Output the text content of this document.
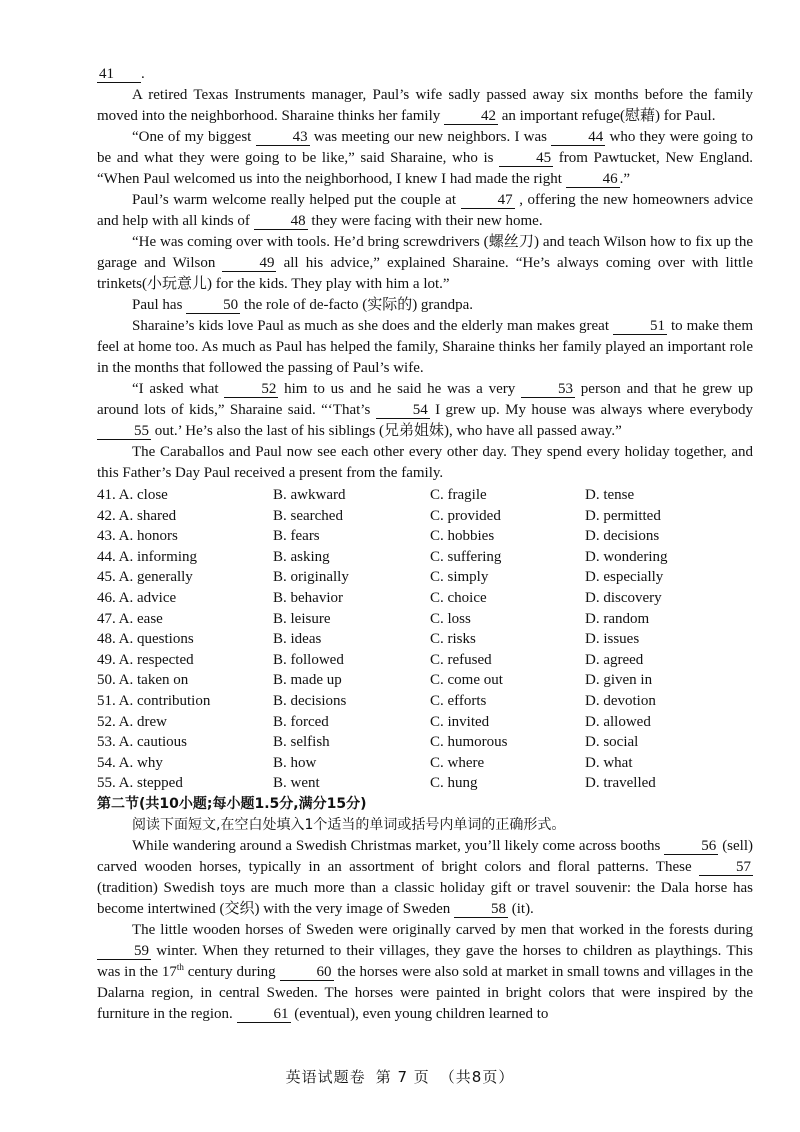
41 .

A retired Texas Instruments manager, Paul’s wife sadly passed away six months before the family moved into the neighborhood. Sharaine thinks her family	42 an important refuge(慰藉) for Paul.

“One of my biggest	43 was meeting our new neighbors. I was	44 who they were going to be and what they were going to be like,” said Sharaine, who is	45 from Pawtucket, New England. “When Paul welcomed us into the neighborhood, I knew I had made the right	46 .”

Paul’s warm welcome really helped put the couple at	47 , offering the new homeowners advice and help with all kinds of	48 they were facing with their new home.

“He was coming over with tools. He’d bring screwdrivers (螺丝刀) and teach Wilson how to fix up the garage and Wilson	49 all his advice,” explained Sharaine. “He’s always coming over with little trinkets(小玩意儿) for the kids. They play with him a lot.”

Paul has	50 the role of de-facto (实际的) grandpa.

Sharaine’s kids love Paul as much as she does and the elderly man makes great	51 to make them feel at home too. As much as Paul has helped the family, Sharaine thinks her family played an important role in the months that followed the passing of Paul’s wife.

“I asked what	52 him to us and he said he was a very	53 person and that he grew up around lots of kids,” Sharaine said. “‘That’s	54 I grew up. My house was always where everybody 55 out.’ He’s also the last of his siblings (兄弟姐妹), who have all passed away.”

The Caraballos and Paul now see each other every other day. They spend every holiday together, and this Father’s Day Paul received a present from the family.

41. A. close	B. awkward	C. fragile	D. tense
42. A. shared	B. searched	C. provided	D. permitted
43. A. honors	B. fears	C. hobbies	D. decisions
44. A. informing	B. asking	C. suffering	D. wondering
45. A. generally	B. originally	C. simply	D. especially
46. A. advice	B. behavior	C. choice	D. discovery
47. A. ease	B. leisure	C. loss	D. random
48. A. questions	B. ideas	C. risks	D. issues
49. A. respected	B. followed	C. refused	D. agreed
50. A. taken on	B. made up	C. come out	D. given in
51. A. contribution	B. decisions	C. efforts	D. devotion
52. A. drew	B. forced	C. invited	D. allowed
53. A. cautious	B. selfish	C. humorous	D. social
54. A. why	B. how	C. where	D. what
55. A. stepped	B. went	C. hung	D. travelled

第二节(共10小题;每小题1.5分,满分15分)

阅读下面短文,在空白处填入1个适当的单词或括号内单词的正确形式。

While wandering around a Swedish Christmas market, you’ll likely come across booths	56 (sell) carved wooden horses, typically in an assortment of bright colors and floral patterns. These	57 (tradition) Swedish toys are much more than a classic holiday gift or travel souvenir: the Dala horse has become intertwined (交织) with the very image of Sweden	58 (it).

The little wooden horses of Sweden were originally carved by men that worked in the forests during 59 winter. When they returned to their villages, they gave the horses to children as playthings. This was in the 17th century during	60 the horses were also sold at market in small towns and villages in the Dalarna region, in central Sweden. The horses were painted in bright colors that were inspired by the furniture in the region.	61 (eventual), even young children learned to

英语试题卷 第 7 页 （共8页）
